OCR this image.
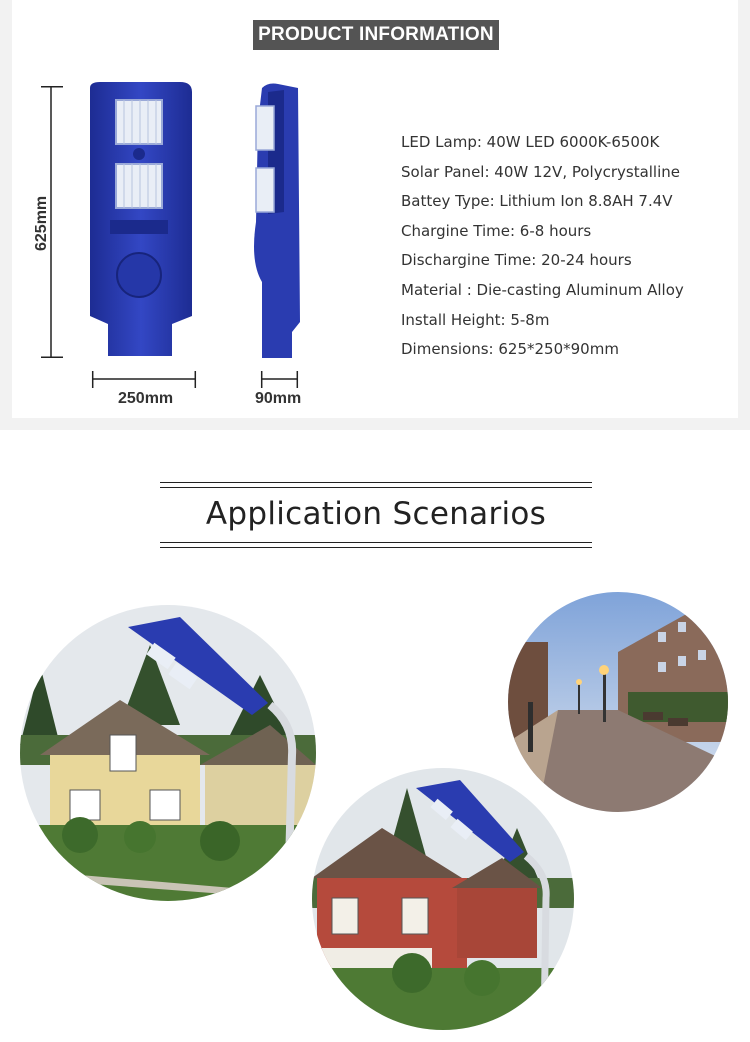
PRODUCT INFORMATION
625mm
250mm	90mm
LED Lamp: 40W LED 6000K-6500K
Solar Panel: 40W 12V, Polycrystalline
Battey Type: Lithium Ion 8.8AH 7.4V
Chargine Time: 6-8 hours
Dischargine Time: 20-24 hours
Material : Die-casting Aluminum Alloy
Install Height: 5-8m
Dimensions: 625*250*90mm
Application Scenarios
